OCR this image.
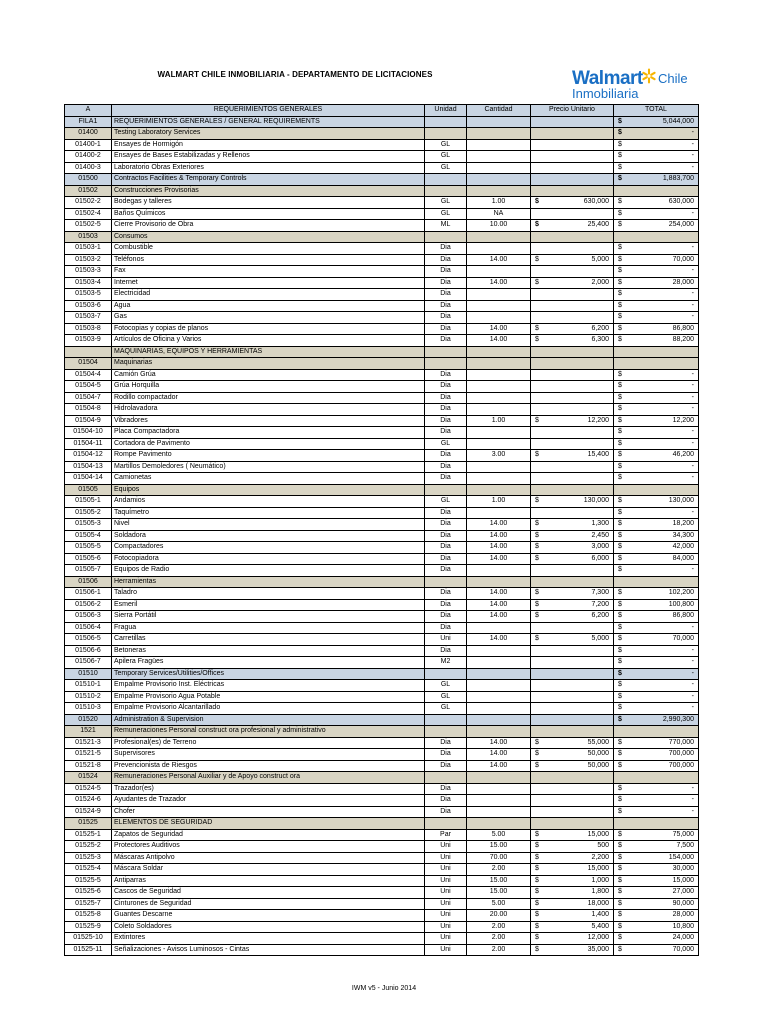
WALMART CHILE INMOBILIARIA - DEPARTAMENTO DE LICITACIONES	Walmart Chile
Inmobiliaria
A	REQUERIMIENTOS GENERALES	Unidad	Cantidad	Precio Unitario	TOTAL
FILA1	REQUERIMIENTOS GENERALES / GENERAL REQUIREMENTS				$ 5,044,000

01400	Testing Laboratory Services				$ -

01400-1	Ensayes de Hormigón	GL			$ -

01400-2	Ensayes de Bases Estabilizadas y Rellenos	GL			$ -

01400-3	Laboratorio Obras Exteriores	GL			$ -

01500	Contractos Facilities & Temporary Controls				$ 1,883,700

01502	Construcciones Provisorias			

01502-2	Bodegas y talleres	GL	1.00	$ 630,000	$ 630,000

01502-4	Baños Químicos	GL	NA		$ -

01502-5	Cierre Provisorio de Obra	ML	10.00	$ 25,400	$ 254,000

01503	Consumos			

01503-1	Combustible	Dia			$ -

01503-2	Teléfonos	Dia	14.00	$ 5,000	$ 70,000

01503-3	Fax	Dia			$ -

01503-4	Internet	Dia	14.00	$ 2,000	$ 28,000

01503-5	Electricidad	Dia			$ -

01503-6	Agua	Dia			$ -

01503-7	Gas	Dia			$ -

01503-8	Fotocopias y copias de planos	Dia	14.00	$ 6,200	$ 86,800

01503-9	Artículos de Oficina y Varios	Dia	14.00	$ 6,300	$ 88,200

	MAQUINARIAS, EQUIPOS Y HERRAMIENTAS			

01504	Maquinarias			

01504-4	Camión Grúa	Dia			$ -

01504-5	Grúa Horquilla	Dia			$ -

01504-7	Rodillo compactador	Dia			$ -

01504-8	Hidrolavadora	Dia			$ -

01504-9	Vibradores	Dia	1.00	$ 12,200	$ 12,200

01504-10	Placa Compactadora	Dia			$ -

01504-11	Cortadora de Pavimento	GL			$ -

01504-12	Rompe Pavimento	Dia	3.00	$ 15,400	$ 46,200

01504-13	Martillos Demoledores ( Neumático)	Dia			$ -

01504-14	Camionetas	Dia			$ -

01505	Equipos			

01505-1	Andamios	GL	1.00	$ 130,000	$ 130,000

01505-2	Taquímetro	Dia			$ -

01505-3	Nivel	Dia	14.00	$ 1,300	$ 18,200

01505-4	Soldadora	Dia	14.00	$ 2,450	$ 34,300

01505-5	Compactadores	Dia	14.00	$ 3,000	$ 42,000

01505-6	Fotocopiadora	Dia	14.00	$ 6,000	$ 84,000

01505-7	Equipos de Radio	Dia			$ -

01506	Herramientas			

01506-1	Taladro	Dia	14.00	$ 7,300	$ 102,200

01506-2	Esmeril	Dia	14.00	$ 7,200	$ 100,800

01506-3	Sierra Portátil	Dia	14.00	$ 6,200	$ 86,800

01506-4	Fragua	Dia			$ -

01506-5	Carretillas	Uni	14.00	$ 5,000	$ 70,000

01506-6	Betoneras	Dia			$ -

01506-7	Apilera Fragües	M2			$ -

01510	Temporary Services/Utilities/Offices				$ -

01510-1	Empalme Provisorio Inst. Eléctricas	GL			$ -

01510-2	Empalme Provisorio Agua Potable	GL			$ -

01510-3	Empalme Provisorio Alcantarillado	GL			$ -

01520	Administration & Supervision				$ 2,990,300

1521	Remuneraciones Personal construct ora profesional y administrativo			

01521-3	Profesional(es) de Terreno	Dia	14.00	$ 55,000	$ 770,000

01521-5	Supervisores	Dia	14.00	$ 50,000	$ 700,000

01521-8	Prevencionista de Riesgos	Dia	14.00	$ 50,000	$ 700,000

01524	Remuneraciones Personal Auxiliar y de Apoyo construct ora			

01524-5	Trazador(es)	Dia			$ -

01524-6	Ayudantes de Trazador	Dia			$ -

01524-9	Chofer	Dia			$ -

01525	ELEMENTOS DE SEGURIDAD			

01525-1	Zapatos de Seguridad	Par	5.00	$ 15,000	$ 75,000

01525-2	Protectores Auditivos	Uni	15.00	$ 500	$ 7,500

01525-3	Máscaras Antipolvo	Uni	70.00	$ 2,200	$ 154,000

01525-4	Máscara Soldar	Uni	2.00	$ 15,000	$ 30,000

01525-5	Antiparras	Uni	15.00	$ 1,000	$ 15,000

01525-6	Cascos de Seguridad	Uni	15.00	$ 1,800	$ 27,000

01525-7	Cinturones de Seguridad	Uni	5.00	$ 18,000	$ 90,000

01525-8	Guantes Descarne	Uni	20.00	$ 1,400	$ 28,000

01525-9	Coleto Soldadores	Uni	2.00	$ 5,400	$ 10,800

01525-10	Extintores	Uni	2.00	$ 12,000	$ 24,000

01525-11	Señalizaciones - Avisos Luminosos - Cintas	Uni	2.00	$ 35,000	$ 70,000
IWM v5 - Junio 2014
